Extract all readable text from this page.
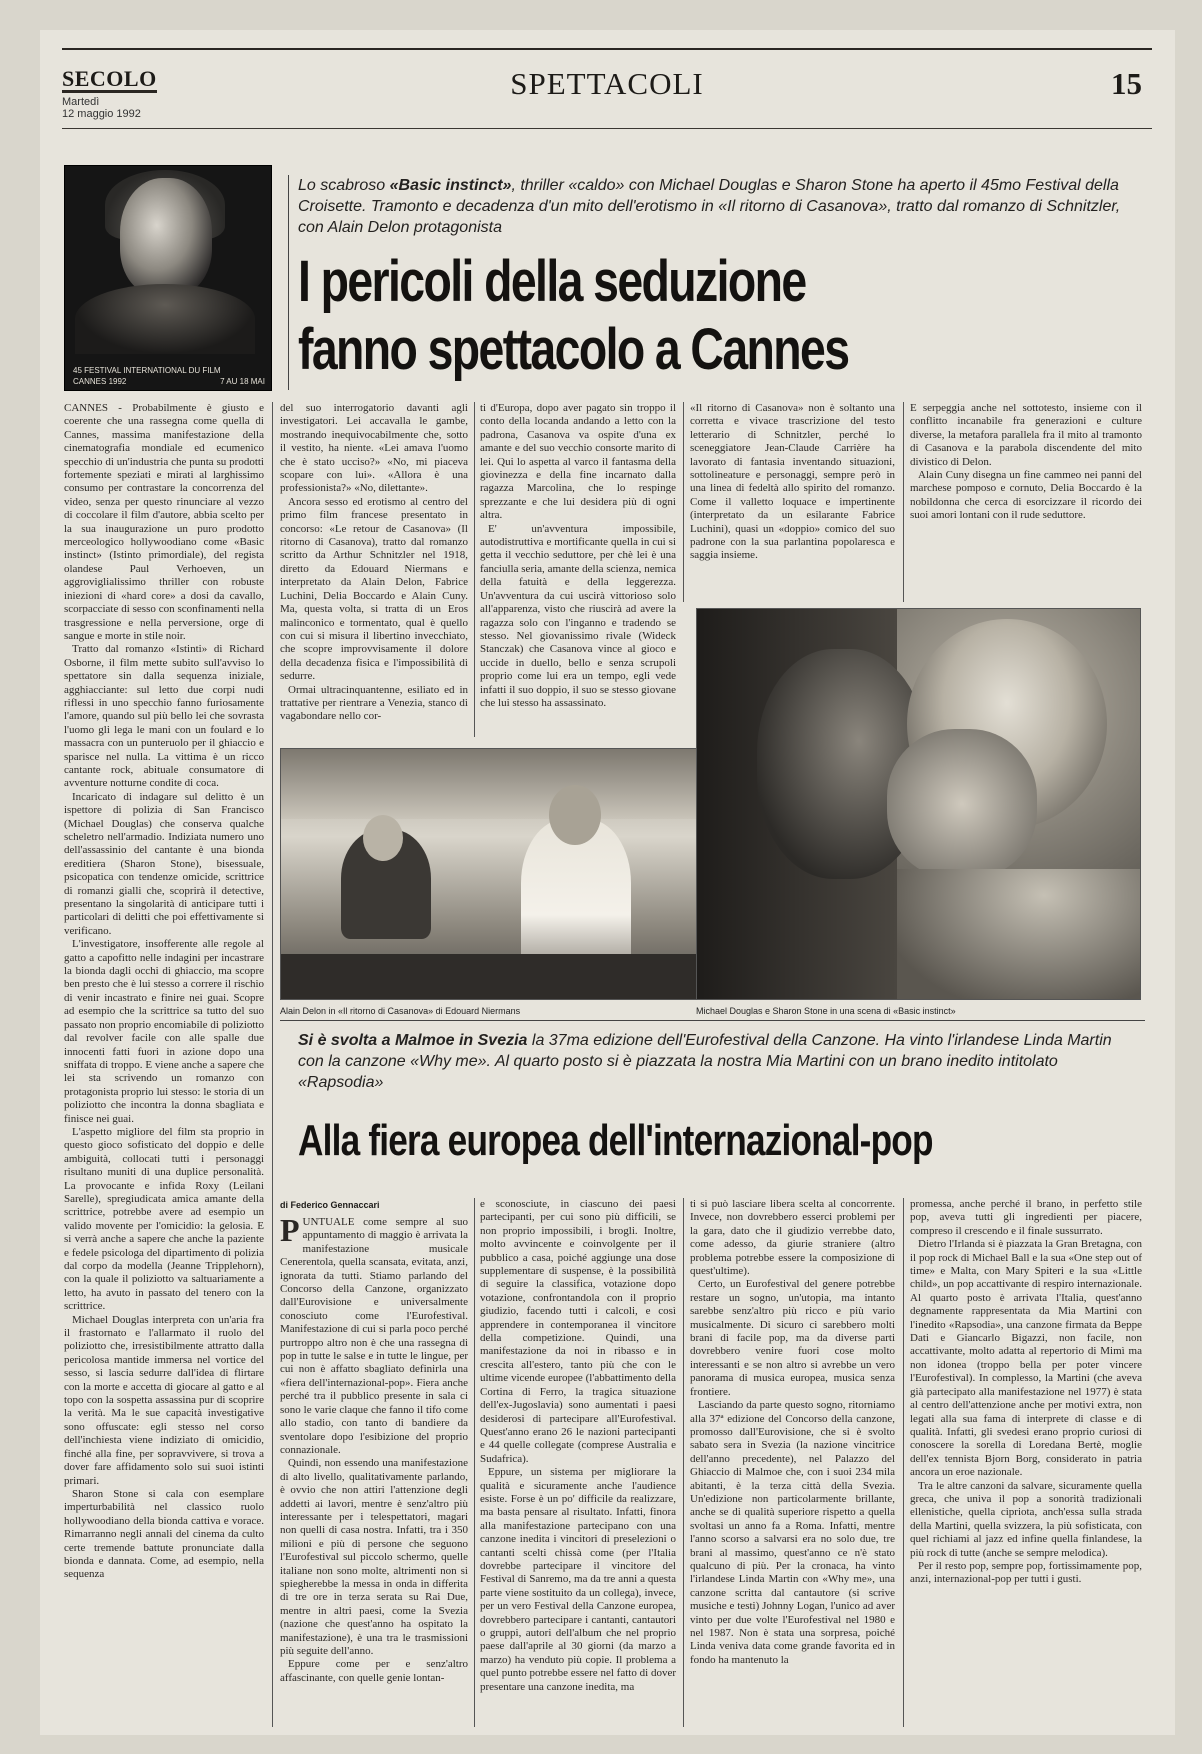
SECOLO
Martedì
12 maggio 1992
SPETTACOLI	15
45 FESTIVAL INTERNATIONAL DU FILM
CANNES 1992	7 AU 18 MAI
Lo scabroso «Basic instinct», thriller «caldo» con Michael Douglas e Sharon Stone ha aperto il 45mo Festival della Croisette. Tramonto e decadenza d'un mito dell'erotismo in «Il ritorno di Casanova», tratto dal romanzo di Schnitzler, con Alain Delon protagonista
I pericoli della seduzione
fanno spettacolo a Cannes

CANNES - Probabilmente è giusto e coerente che una rassegna come quella di Cannes, massima manifestazione della cinematografia mondiale ed ecumenico specchio di un'industria che punta su prodotti fortemente speziati e mirati al larghissimo consumo per contrastare la concorrenza del video, senza per questo rinunciare al vezzo di coccolare il film d'autore, abbia scelto per la sua inaugurazione un puro prodotto merceologico hollywoodiano come «Basic instinct» (Istinto primordiale), del regista olandese Paul Verhoeven, un aggroviglialissimo thriller con robuste iniezioni di «hard core» a dosi da cavallo, scorpacciate di sesso con sconfinamenti nella trasgressione e nella perversione, orge di sangue e morte in stile noir.

Tratto dal romanzo «Istinti» di Richard Osborne, il film mette subito sull'avviso lo spettatore sin dalla sequenza iniziale, agghiacciante: sul letto due corpi nudi riflessi in uno specchio fanno furiosamente l'amore, quando sul più bello lei che sovrasta l'uomo gli lega le mani con un foulard e lo massacra con un punteruolo per il ghiaccio e sparisce nel nulla. La vittima è un ricco cantante rock, abituale consumatore di avventure notturne condite di coca.

Incaricato di indagare sul delitto è un ispettore di polizia di San Francisco (Michael Douglas) che conserva qualche scheletro nell'armadio. Indiziata numero uno dell'assassinio del cantante è una bionda ereditiera (Sharon Stone), bisessuale, psicopatica con tendenze omicide, scrittrice di romanzi gialli che, scoprirà il detective, presentano la singolarità di anticipare tutti i particolari di delitti che poi effettivamente si verificano.

L'investigatore, insofferente alle regole al gatto a capofitto nelle indagini per incastrare la bionda dagli occhi di ghiaccio, ma scopre ben presto che è lui stesso a correre il rischio di venir incastrato e finire nei guai. Scopre ad esempio che la scrittrice sa tutto del suo passato non proprio encomiabile di poliziotto dal revolver facile con alle spalle due innocenti fatti fuori in azione dopo una sniffata di troppo. E viene anche a sapere che lei sta scrivendo un romanzo con protagonista proprio lui stesso: le storia di un poliziotto che incontra la donna sbagliata e finisce nei guai.

L'aspetto migliore del film sta proprio in questo gioco sofisticato del doppio e delle ambiguità, collocati tutti i personaggi risultano muniti di una duplice personalità. La provocante e infida Roxy (Leilani Sarelle), spregiudicata amica amante della scrittrice, potrebbe avere ad esempio un valido movente per l'omicidio: la gelosia. E si verrà anche a sapere che anche la paziente e fedele psicologa del dipartimento di polizia dal corpo da modella (Jeanne Tripplehorn), con la quale il poliziotto va saltuariamente a letto, ha avuto in passato del tenero con la scrittrice.

Michael Douglas interpreta con un'aria fra il frastornato e l'allarmato il ruolo del poliziotto che, irresistibilmente attratto dalla pericolosa mantide immersa nel vortice del sesso, si lascia sedurre dall'idea di flirtare con la morte e accetta di giocare al gatto e al topo con la sospetta assassina pur di scoprire la verità. Ma le sue capacità investigative sono offuscate: egli stesso nel corso dell'inchiesta viene indiziato di omicidio, finché alla fine, per sopravvivere, si trova a dover fare affidamento solo sui suoi istinti primari.

Sharon Stone si cala con esemplare imperturbabilità nel classico ruolo hollywoodiano della bionda cattiva e vorace. Rimarranno negli annali del cinema da culto certe tremende battute pronunciate dalla bionda e dannata. Come, ad esempio, nella sequenza

del suo interrogatorio davanti agli investigatori. Lei accavalla le gambe, mostrando inequivocabilmente che, sotto il vestito, ha niente. «Lei amava l'uomo che è stato ucciso?» «No, mi piaceva scopare con lui». «Allora è una professionista?» «No, dilettante».

Ancora sesso ed erotismo al centro del primo film francese presentato in concorso: «Le retour de Casanova» (Il ritorno di Casanova), tratto dal romanzo scritto da Arthur Schnitzler nel 1918, diretto da Edouard Niermans e interpretato da Alain Delon, Fabrice Luchini, Delia Boccardo e Alain Cuny. Ma, questa volta, si tratta di un Eros malinconico e tormentato, qual è quello con cui si misura il libertino invecchiato, che scopre improvvisamente il dolore della decadenza fisica e l'impossibilità di sedurre.

Ormai ultracinquantenne, esiliato ed in trattative per rientrare a Venezia, stanco di vagabondare nello cor-

ti d'Europa, dopo aver pagato sin troppo il conto della locanda andando a letto con la padrona, Casanova va ospite d'una ex amante e del suo vecchio consorte marito di lei. Qui lo aspetta al varco il fantasma della giovinezza e della fine incarnato dalla ragazza Marcolina, che lo respinge sprezzante e che lui desidera più di ogni altra.

E' un'avventura impossibile, autodistruttiva e mortificante quella in cui si getta il vecchio seduttore, per chè lei è una fanciulla seria, amante della scienza, nemica della fatuità e della leggerezza. Un'avventura da cui uscirà vittorioso solo all'apparenza, visto che riuscirà ad avere la ragazza solo con l'inganno e tradendo se stesso. Nel giovanissimo rivale (Wideck Stanczak) che Casanova vince al gioco e uccide in duello, bello e senza scrupoli proprio come lui era un tempo, egli vede infatti il suo doppio, il suo se stesso giovane che lui stesso ha assassinato.

«Il ritorno di Casanova» non è soltanto una corretta e vivace trascrizione del testo letterario di Schnitzler, perché lo sceneggiatore Jean-Claude Carrière ha lavorato di fantasia inventando situazioni, sottolineature e personaggi, sempre però in una linea di fedeltà allo spirito del romanzo. Come il valletto loquace e impertinente (interpretato da un esilarante Fabrice Luchini), quasi un «doppio» comico del suo padrone con la sua parlantina popolaresca e saggia insieme.

E serpeggia anche nel sottotesto, insieme con il conflitto incanabile fra generazioni e culture diverse, la metafora parallela fra il mito al tramonto di Casanova e la parabola discendente del mito divistico di Delon.

Alain Cuny disegna un fine cammeo nei panni del marchese pomposo e cornuto, Delia Boccardo è la nobildonna che cerca di esorcizzare il ricordo dei suoi amori lontani con il rude seduttore.

Alain Delon in «Il ritorno di Casanova» di Edouard Niermans	Michael Douglas e Sharon Stone in una scena di «Basic instinct»
Si è svolta a Malmoe in Svezia la 37ma edizione dell'Eurofestival della Canzone. Ha vinto l'irlandese Linda Martin con la canzone «Why me». Al quarto posto si è piazzata la nostra Mia Martini con un brano inedito intitolato «Rapsodia»
Alla fiera europea dell'internazional-pop
di Federico Gennaccari

PUNTUALE come sempre al suo appuntamento di maggio è arrivata la manifestazione musicale Cenerentola, quella scansata, evitata, anzi, ignorata da tutti. Stiamo parlando del Concorso della Canzone, organizzato dall'Eurovisione e universalmente conosciuto come l'Eurofestival. Manifestazione di cui si parla poco perché purtroppo altro non è che una rassegna di pop in tutte le salse e in tutte le lingue, per cui non è affatto sbagliato definirla una «fiera dell'internazional-pop». Fiera anche perché tra il pubblico presente in sala ci sono le varie claque che fanno il tifo come allo stadio, con tanto di bandiere da sventolare dopo l'esibizione del proprio connazionale.

Quindi, non essendo una manifestazione di alto livello, qualitativamente parlando, è ovvio che non attiri l'attenzione degli addetti ai lavori, mentre è senz'altro più interessante per i telespettatori, magari non quelli di casa nostra. Infatti, tra i 350 milioni e più di persone che seguono l'Eurofestival sul piccolo schermo, quelle italiane non sono molte, altrimenti non si spiegherebbe la messa in onda in differita di tre ore in terza serata su Rai Due, mentre in altri paesi, come la Svezia (nazione che quest'anno ha ospitato la manifestazione), è una tra le trasmissioni più seguite dell'anno.

Eppure come per e senz'altro affascinante, con quelle genie lontan-

e sconosciute, in ciascuno dei paesi partecipanti, per cui sono più difficili, se non proprio impossibili, i brogli. Inoltre, molto avvincente e coinvolgente per il pubblico a casa, poiché aggiunge una dose supplementare di suspense, è la possibilità di seguire la classifica, votazione dopo votazione, confrontandola con il proprio giudizio, facendo tutti i calcoli, e così apprendere in contemporanea il vincitore della competizione. Quindi, una manifestazione da noi in ribasso e in crescita all'estero, tanto più che con le ultime vicende europee (l'abbattimento della Cortina di Ferro, la tragica situazione dell'ex-Jugoslavia) sono aumentati i paesi desiderosi di partecipare all'Eurofestival. Quest'anno erano 26 le nazioni partecipanti e 44 quelle collegate (comprese Australia e Sudafrica).

Eppure, un sistema per migliorare la qualità e sicuramente anche l'audience esiste. Forse è un po' difficile da realizzare, ma basta pensare al risultato. Infatti, finora alla manifestazione partecipano con una canzone inedita i vincitori di preselezioni o cantanti scelti chissà come (per l'Italia dovrebbe partecipare il vincitore del Festival di Sanremo, ma da tre anni a questa parte viene sostituito da un collega), invece, per un vero Festival della Canzone europea, dovrebbero partecipare i cantanti, cantautori o gruppi, autori dell'album che nel proprio paese dall'aprile al 30 giorni (da marzo a marzo) ha venduto più copie. Il problema a quel punto potrebbe essere nel fatto di dover presentare una canzone inedita, ma

ti si può lasciare libera scelta al concorrente. Invece, non dovrebbero esserci problemi per la gara, dato che il giudizio verrebbe dato, come adesso, da giurie straniere (altro problema potrebbe essere la composizione di quest'ultime).

Certo, un Eurofestival del genere potrebbe restare un sogno, un'utopia, ma intanto sarebbe senz'altro più ricco e più vario musicalmente. Di sicuro ci sarebbero molti brani di facile pop, ma da diverse parti dovrebbero venire fuori cose molto interessanti e se non altro si avrebbe un vero panorama di musica europea, musica senza frontiere.

Lasciando da parte questo sogno, ritorniamo alla 37ª edizione del Concorso della canzone, promosso dall'Eurovisione, che si è svolto sabato sera in Svezia (la nazione vincitrice dell'anno precedente), nel Palazzo del Ghiaccio di Malmoe che, con i suoi 234 mila abitanti, è la terza città della Svezia. Un'edizione non particolarmente brillante, anche se di qualità superiore rispetto a quella svoltasi un anno fa a Roma. Infatti, mentre l'anno scorso a salvarsi era no solo due, tre brani al massimo, quest'anno ce n'è stato qualcuno di più. Per la cronaca, ha vinto l'irlandese Linda Martin con «Why me», una canzone scritta dal cantautore (si scrive musiche e testi) Johnny Logan, l'unico ad aver vinto per due volte l'Eurofestival nel 1980 e nel 1987. Non è stata una sorpresa, poiché Linda veniva data come grande favorita ed in fondo ha mantenuto la

promessa, anche perché il brano, in perfetto stile pop, aveva tutti gli ingredienti per piacere, compreso il crescendo e il finale sussurrato.

Dietro l'Irlanda si è piazzata la Gran Bretagna, con il pop rock di Michael Ball e la sua «One step out of time» e Malta, con Mary Spiteri e la sua «Little child», un pop accattivante di respiro internazionale. Al quarto posto è arrivata l'Italia, quest'anno degnamente rappresentata da Mia Martini con l'inedito «Rapsodia», una canzone firmata da Beppe Dati e Giancarlo Bigazzi, non facile, non accattivante, molto adatta al repertorio di Mimì ma non idonea (troppo bella per poter vincere l'Eurofestival). In complesso, la Martini (che aveva già partecipato alla manifestazione nel 1977) è stata al centro dell'attenzione anche per motivi extra, non legati alla sua fama di interprete di classe e di qualità. Infatti, gli svedesi erano proprio curiosi di conoscere la sorella di Loredana Bertè, moglie dell'ex tennista Bjorn Borg, considerato in patria ancora un eroe nazionale.

Tra le altre canzoni da salvare, sicuramente quella greca, che univa il pop a sonorità tradizionali ellenistiche, quella cipriota, anch'essa sulla strada della Martini, quella svizzera, la più sofisticata, con quel richiami al jazz ed infine quella finlandese, la più rock di tutte (anche se sempre melodica).

Per il resto pop, sempre pop, fortissimamente pop, anzi, internazional-pop per tutti i gusti.
